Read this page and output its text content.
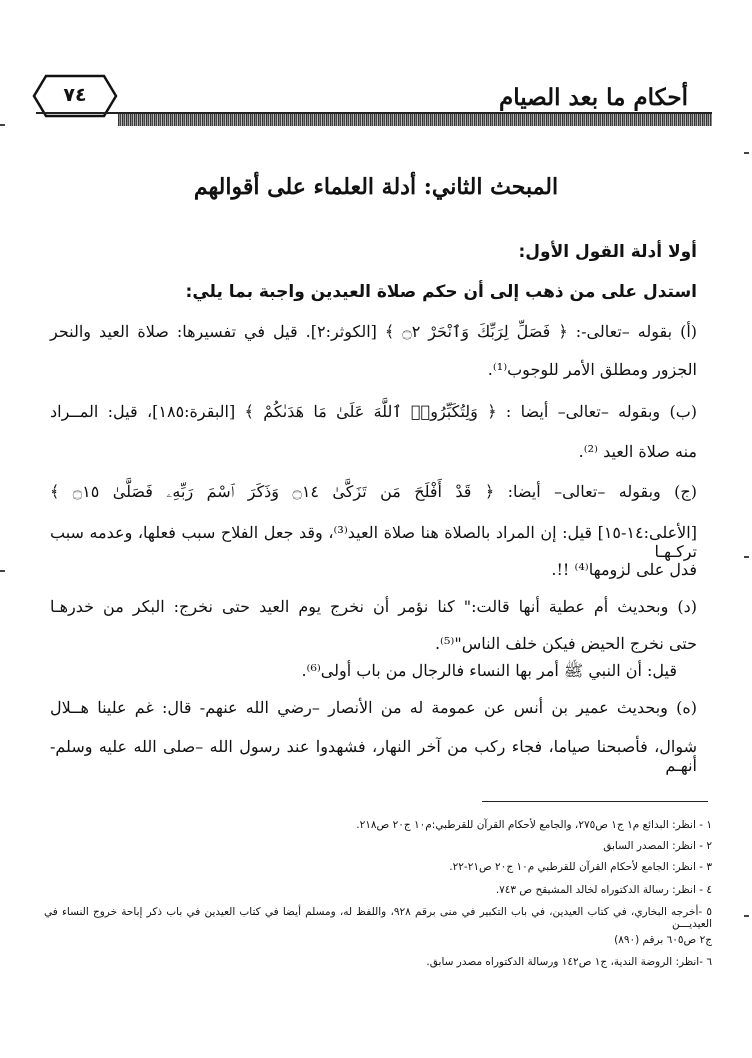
أحكام ما بعد الصيام
٧٤
المبحث الثاني: أدلة العلماء على أقوالهم
أولا أدلة القول الأول:
استدل على من ذهب إلى أن حكم صلاة العيدين واجبة بما يلي:
(أ) بقوله –تعالى-: ﴿ فَصَلِّ لِرَبِّكَ وَٱنْحَرْ ۝٢ ﴾ [الكوثر:٢]. قيل في تفسيرها: صلاة العيد والنحر
الجزور ومطلق الأمر للوجوب⁽¹⁾.
(ب) وبقوله –تعالى– أيضا : ﴿ وَلِتُكَبِّرُوا۟ ٱللَّهَ عَلَىٰ مَا هَدَىٰكُمْ ﴾ [البقرة:١٨٥]، قيل: المــراد
منه صلاة العيد ⁽²⁾.
(ج) وبقوله –تعالى– أيضا: ﴿ قَدْ أَفْلَحَ مَن تَزَكَّىٰ ۝١٤ وَذَكَرَ ٱسْمَ رَبِّهِۦ فَصَلَّىٰ ۝١٥ ﴾
[الأعلى:١٤-١٥] قيل: إن المراد بالصلاة هنا صلاة العيد⁽³⁾، وقد جعل الفلاح سبب فعلها، وعدمه سبب تركـهـا
فدل على لزومها⁽⁴⁾ !!.
(د) وبحديث أم عطية أنها قالت:" كنا نؤمر أن نخرج يوم العيد حتى نخرج: البكر من خدرهـا
حتى نخرج الحيض فيكن خلف الناس"⁽⁵⁾.
قيل: أن النبي ﷺ أمر بها النساء فالرجال من باب أولى⁽⁶⁾.
(ه) وبحديث عمير بن أنس عن عمومة له من الأنصار –رضي الله عنهم- قال: غم علينا هــلال
شوال، فأصبحنا صياما، فجاء ركب من آخر النهار، فشهدوا عند رسول الله –صلى الله عليه وسلم- أنهـم
١ - انظر: البدائع م١ ج١ ص٢٧٥، والجامع لأحكام القرآن للقرطبي:م١٠ ج٢٠ ص٢١٨.
٢ - انظر: المصدر السابق
٣ - انظر: الجامع لأحكام القرآن للقرطبي م١٠ ج٢٠ ص٢١-٢٢.
٤ - انظر: رسالة الدكتوراه لخالد المشيقح ص ٧٤٣.
٥ -أخرجه البخاري، في كتاب العيدين، في باب التكبير في منى برقم ٩٢٨، واللفظ له، ومسلم أيضا في كتاب العيدين في باب ذكر إباحة خروج النساء في العيديـــن
ج٢ ص٦٠٥ برقم (٨٩٠)
٦ -انظر: الروضة الندية، ج١ ص١٤٢ ورسالة الدكتوراه مصدر سابق.
